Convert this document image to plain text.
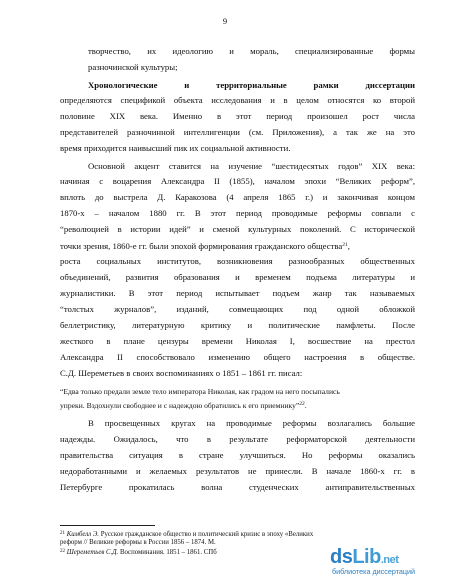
9
творчество, их идеологию и мораль, специализированные формы
разночинской культуры;
Хронологические и территориальные рамки диссертации
определяются спецификой объекта исследования и в целом относятся ко второй
половине XIX века. Именно в этот период произошел рост числа
представителей разночинной интеллигенции (см. Приложения), а так же на это
время приходится наивысший пик их социальной активности.
Основной акцент ставится на изучение “шестидесятых годов” XIX века:
начиная с воцарения Александра II (1855), началом эпохи “Великих реформ”,
вплоть до выстрела Д. Каракозова (4 апреля 1865 г.) и закончивая концом
1870-х – началом 1880 гг. В этот период проводимые реформы совпали с
“революцией в истории идей” и сменой культурных поколений. С исторической
точки зрения, 1860-е гг. были эпохой формирования гражданского общества$^{21}$,
роста социальных институтов, возникновения разнообразных общественных
объединений, развития образования и временем подъема литературы и
журналистики. В этот период испытывает подъем жанр так называемых
“толстых журналов”, изданий, совмещающих под одной обложкой
беллетристику, литературную критику и политические памфлеты. После
жесткого в плане цензуры времени Николая I, восшествие на престол
Александра II способствовало изменению общего настроения в обществе.
С.Д. Шереметьев в своих воспоминаниях о 1851 – 1861 гг. писал:
“Едва только предали земле тело императора Николая, как градом на него посыпались
упреки. Вздохнули свободнее и с надеждою обратились к его приемнику”$^{22}$.
В просвещенных кругах на проводимые реформы возлагались большие
надежды. Ожидалось, что в результате реформаторской деятельности
правительства ситуация в стране улучшиться. Но реформы оказались
недоработанными и желаемых результатов не принесли. В начале 1860-х гг. в
Петербурге прокатилась волна студенческих антиправительственных
$^{21}$ Кимбелл Э. Русское гражданское общество и политический кризис в эпоху «Великих
реформ // Великие реформы в России 1856 – 1874. М.
$^{22}$ Шереметьев С.Д. Воспоминания. 1851 – 1861. СПб	dsLib.net
библиотека диссертаций
